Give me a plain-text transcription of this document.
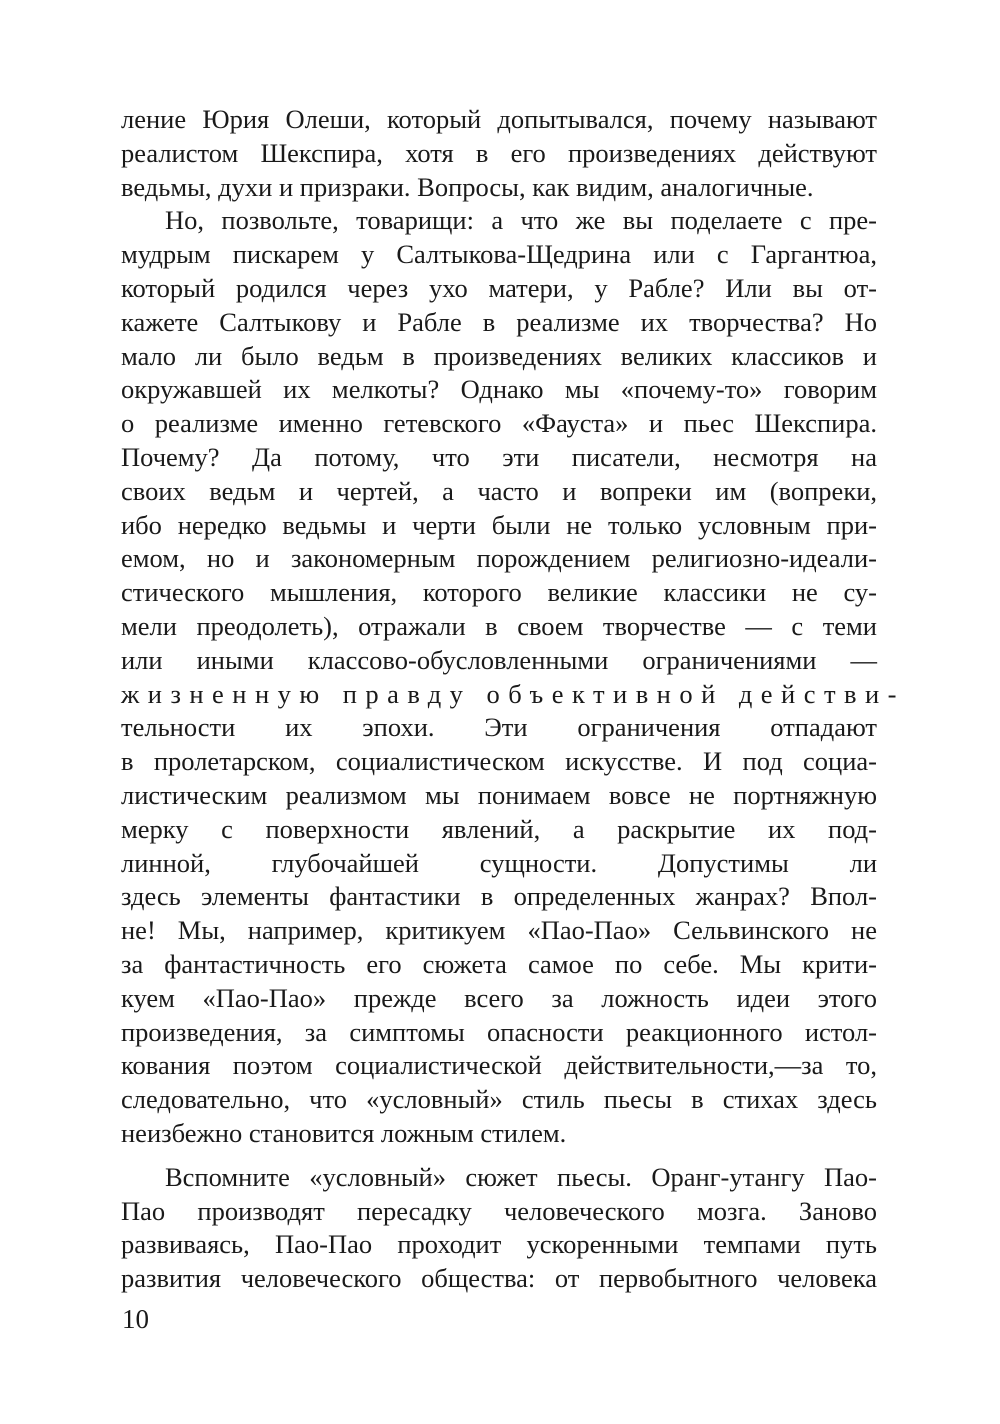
ление Юрия Олеши, который допытывался, почему называют
реалистом Шекспира, хотя в его произведениях действуют
ведьмы, духи и призраки. Вопросы, как видим, аналогичные.
Но, позвольте, товарищи: а что же вы поделаете с пре-
мудрым пискарем у Салтыкова-Щедрина или с Гаргантюа,
который родился через ухо матери, у Рабле? Или вы от-
кажете Салтыкову и Рабле в реализме их творчества? Но
мало ли было ведьм в произведениях великих классиков и
окружавшей их мелкоты? Однако мы «почему-то» говорим
о реализме именно гетевского «Фауста» и пьес Шекспира.
Почему? Да потому, что эти писатели, несмотря на
своих ведьм и чертей, а часто и вопреки им (вопреки,
ибо нередко ведьмы и черти были не только условным при-
емом, но и закономерным порождением религиозно-идеали-
стического мышления, которого великие классики не су-
мели преодолеть), отражали в своем творчестве — с теми
или иными классово-обусловленными ограничениями —
жизненную правду объективной действи-
тельности их эпохи. Эти ограничения отпадают
в пролетарском, социалистическом искусстве. И под социа-
листическим реализмом мы понимаем вовсе не портняжную
мерку с поверхности явлений, а раскрытие их под-
линной, глубочайшей сущности. Допустимы ли
здесь элементы фантастики в определенных жанрах? Впол-
не! Мы, например, критикуем «Пао-Пао» Сельвинского не
за фантастичность его сюжета самое по себе. Мы крити-
куем «Пао-Пао» прежде всего за ложность идеи этого
произведения, за симптомы опасности реакционного истол-
кования поэтом социалистической действительности,—за то,
следовательно, что «условный» стиль пьесы в стихах здесь
неизбежно становится ложным стилем.
Вспомните «условный» сюжет пьесы. Оранг-утангу Пао-
Пао производят пересадку человеческого мозга. Заново
развиваясь, Пао-Пао проходит ускоренными темпами путь
развития человеческого общества: от первобытного человека
10
